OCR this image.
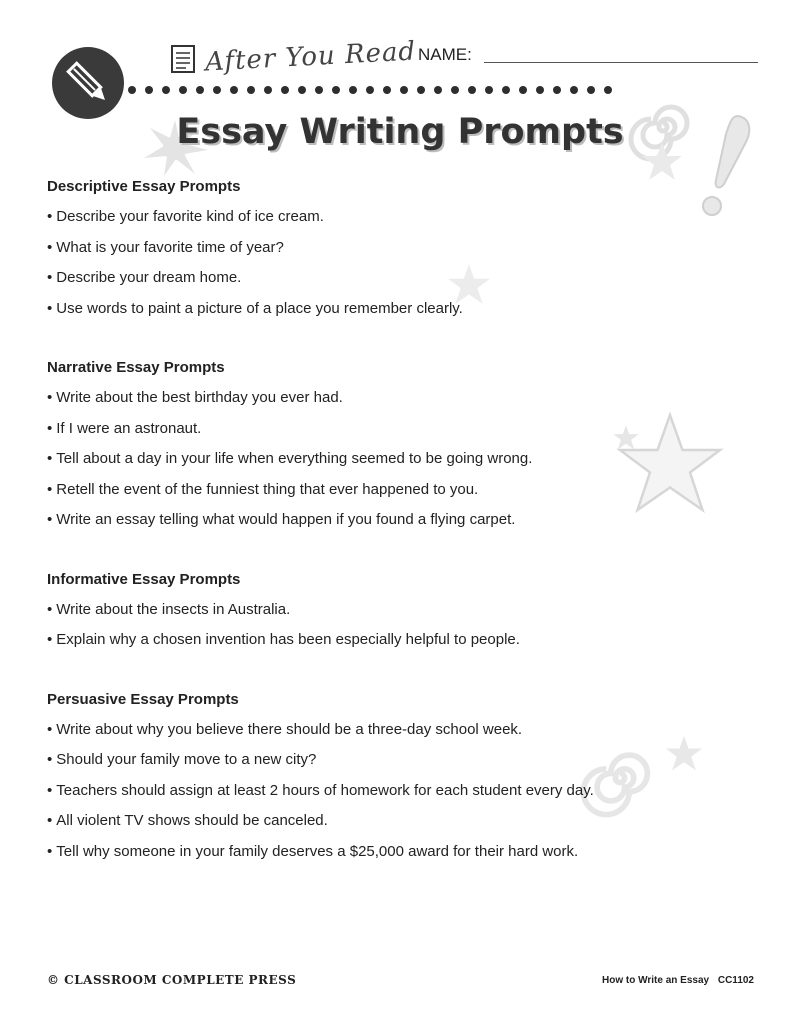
After You Read NAME:
Essay Writing Prompts
Descriptive Essay Prompts
• Describe your favorite kind of ice cream.
• What is your favorite time of year?
• Describe your dream home.
• Use words to paint a picture of a place you remember clearly.
Narrative Essay Prompts
• Write about the best birthday you ever had.
• If I were an astronaut.
• Tell about a day in your life when everything seemed to be going wrong.
• Retell the event of the funniest thing that ever happened to you.
• Write an essay telling what would happen if you found a flying carpet.
Informative Essay Prompts
• Write about the insects in Australia.
• Explain why a chosen invention has been especially helpful to people.
Persuasive Essay Prompts
• Write about why you believe there should be a three-day school week.
• Should your family move to a new city?
• Teachers should assign at least 2 hours of homework for each student every day.
• All violent TV shows should be canceled.
• Tell why someone in your family deserves a $25,000 award for their hard work.
© CLASSROOM COMPLETE PRESS	How to Write an Essay CC1102
